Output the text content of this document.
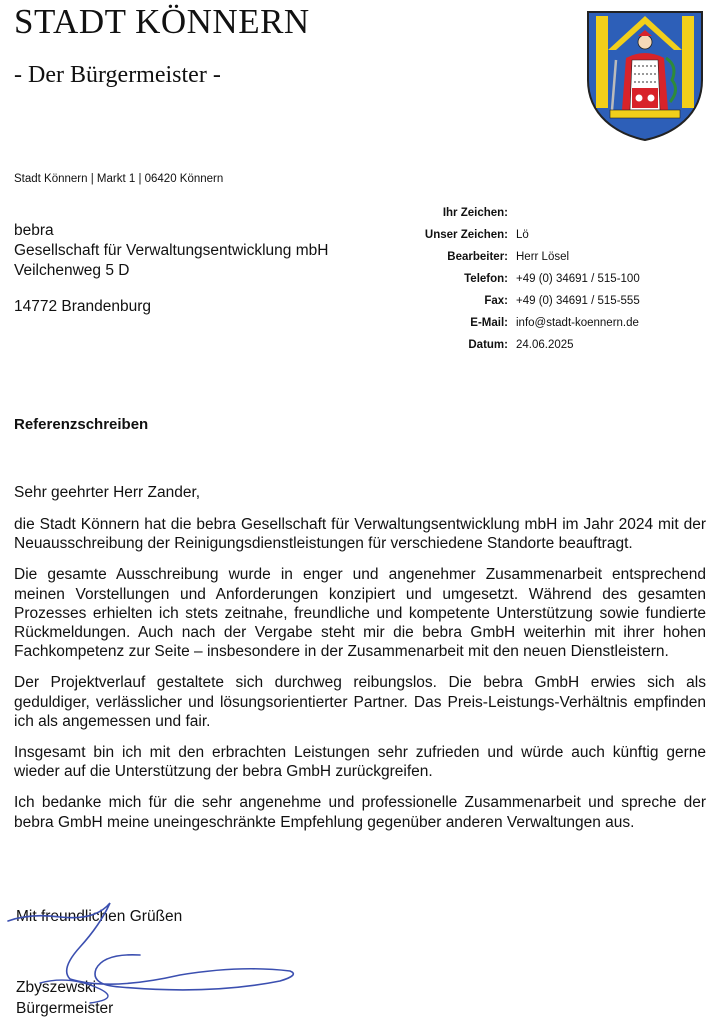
STADT KÖNNERN
- Der Bürgermeister -
Stadt Könnern | Markt 1 | 06420 Könnern
bebra
Gesellschaft für Verwaltungsentwicklung mbH
Veilchenweg 5 D
14772 Brandenburg
Ihr Zeichen:
Unser Zeichen: Lö
Bearbeiter: Herr Lösel
Telefon: +49 (0) 34691 / 515-100
Fax: +49 (0) 34691 / 515-555
E-Mail: info@stadt-koennern.de
Datum: 24.06.2025
Referenzschreiben
Sehr geehrter Herr Zander,

die Stadt Könnern hat die bebra Gesellschaft für Verwaltungsentwicklung mbH im Jahr 2024 mit der Neuausschreibung der Reinigungsdienstleistungen für verschiedene Standorte beauftragt.

Die gesamte Ausschreibung wurde in enger und angenehmer Zusammenarbeit entsprechend meinen Vorstellungen und Anforderungen konzipiert und umgesetzt. Während des gesamten Prozesses erhielten ich stets zeitnahe, freundliche und kompetente Unterstützung sowie fundierte Rückmeldungen. Auch nach der Vergabe steht mir die bebra GmbH weiterhin mit ihrer hohen Fachkompetenz zur Seite – insbesondere in der Zusammenarbeit mit den neuen Dienstleistern.

Der Projektverlauf gestaltete sich durchweg reibungslos. Die bebra GmbH erwies sich als geduldiger, verlässlicher und lösungsorientierter Partner. Das Preis-Leistungs-Verhältnis empfinden ich als angemessen und fair.

Insgesamt bin ich mit den erbrachten Leistungen sehr zufrieden und würde auch künftig gerne wieder auf die Unterstützung der bebra GmbH zurückgreifen.

Ich bedanke mich für die sehr angenehme und professionelle Zusammenarbeit und spreche der bebra GmbH meine uneingeschränkte Empfehlung gegenüber anderen Verwaltungen aus.

Mit freundlichen Grüßen
Zbyszewski
Bürgermeister
